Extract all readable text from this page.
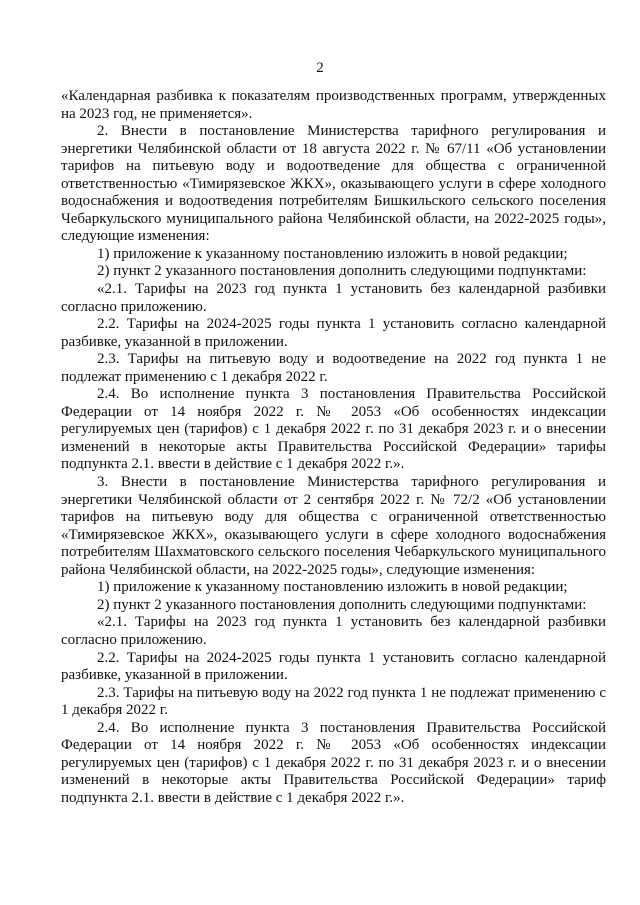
2

«Календарная разбивка к показателям производственных программ, утвержденных на 2023 год, не применяется».

2. Внести в постановление Министерства тарифного регулирования и энергетики Челябинской области от 18 августа 2022 г. № 67/11 «Об установлении тарифов на питьевую воду и водоотведение для общества с ограниченной ответственностью «Тимирязевское ЖКХ», оказывающего услуги в сфере холодного водоснабжения и водоотведения потребителям Бишкильского сельского поселения Чебаркульского муниципального района Челябинской области, на 2022-2025 годы», следующие изменения:

1) приложение к указанному постановлению изложить в новой редакции;

2) пункт 2 указанного постановления дополнить следующими подпунктами:

«2.1. Тарифы на 2023 год пункта 1 установить без календарной разбивки согласно приложению.

2.2. Тарифы на 2024-2025 годы пункта 1 установить согласно календарной разбивке, указанной в приложении.

2.3. Тарифы на питьевую воду и водоотведение на 2022 год пункта 1 не подлежат применению с 1 декабря 2022 г.

2.4. Во исполнение пункта 3 постановления Правительства Российской Федерации от 14 ноября 2022 г. № 2053 «Об особенностях индексации регулируемых цен (тарифов) с 1 декабря 2022 г. по 31 декабря 2023 г. и о внесении изменений в некоторые акты Правительства Российской Федерации» тарифы подпункта 2.1. ввести в действие с 1 декабря 2022 г.».

3. Внести в постановление Министерства тарифного регулирования и энергетики Челябинской области от 2 сентября 2022 г. № 72/2 «Об установлении тарифов на питьевую воду для общества с ограниченной ответственностью «Тимирязевское ЖКХ», оказывающего услуги в сфере холодного водоснабжения потребителям Шахматовского сельского поселения Чебаркульского муниципального района Челябинской области, на 2022-2025 годы», следующие изменения:

1) приложение к указанному постановлению изложить в новой редакции;

2) пункт 2 указанного постановления дополнить следующими подпунктами:

«2.1. Тарифы на 2023 год пункта 1 установить без календарной разбивки согласно приложению.

2.2. Тарифы на 2024-2025 годы пункта 1 установить согласно календарной разбивке, указанной в приложении.

2.3. Тарифы на питьевую воду на 2022 год пункта 1 не подлежат применению с 1 декабря 2022 г.

2.4. Во исполнение пункта 3 постановления Правительства Российской Федерации от 14 ноября 2022 г. № 2053 «Об особенностях индексации регулируемых цен (тарифов) с 1 декабря 2022 г. по 31 декабря 2023 г. и о внесении изменений в некоторые акты Правительства Российской Федерации» тариф подпункта 2.1. ввести в действие с 1 декабря 2022 г.».
